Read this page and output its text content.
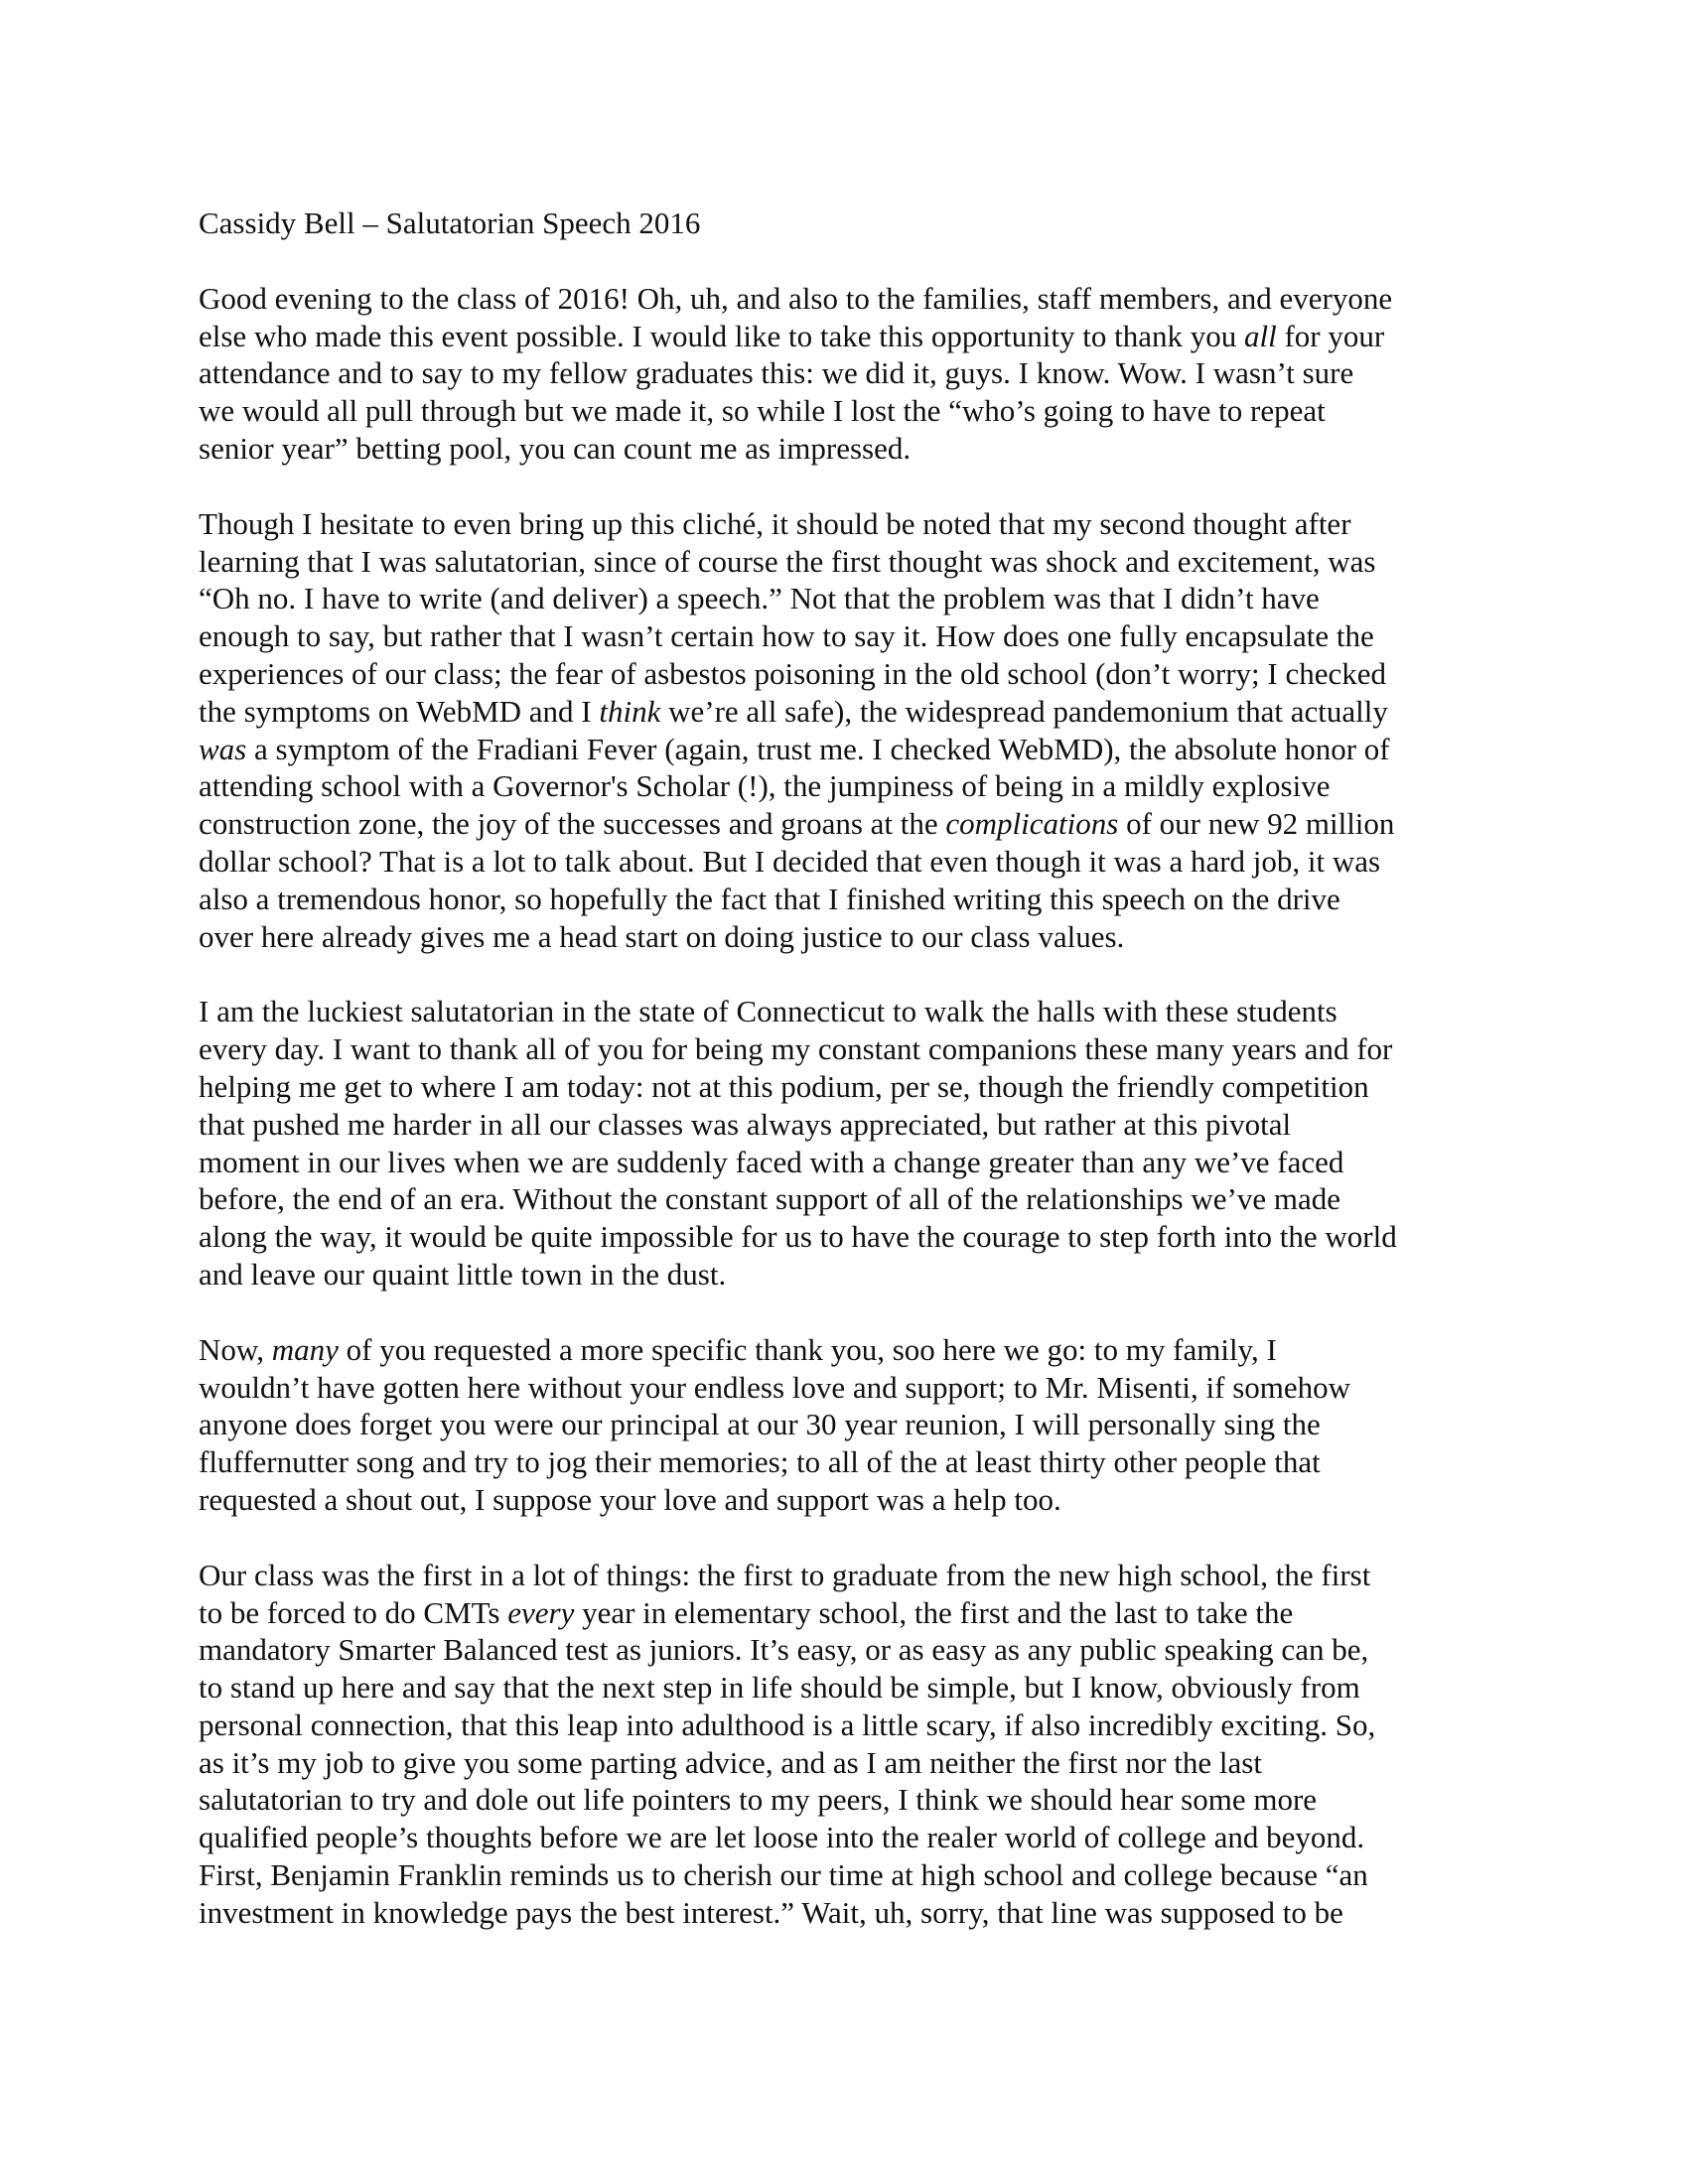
Cassidy Bell – Salutatorian Speech 2016
Good evening to the class of 2016! Oh, uh, and also to the families, staff members, and everyone
else who made this event possible. I would like to take this opportunity to thank you all for your
attendance and to say to my fellow graduates this: we did it, guys. I know. Wow. I wasn’t sure
we would all pull through but we made it, so while I lost the “who’s going to have to repeat
senior year” betting pool, you can count me as impressed.
Though I hesitate to even bring up this cliché, it should be noted that my second thought after
learning that I was salutatorian, since of course the first thought was shock and excitement, was
“Oh no. I have to write (and deliver) a speech.” Not that the problem was that I didn’t have
enough to say, but rather that I wasn’t certain how to say it. How does one fully encapsulate the
experiences of our class; the fear of asbestos poisoning in the old school (don’t worry; I checked
the symptoms on WebMD and I think we’re all safe), the widespread pandemonium that actually
was a symptom of the Fradiani Fever (again, trust me. I checked WebMD), the absolute honor of
attending school with a Governor's Scholar (!), the jumpiness of being in a mildly explosive
construction zone, the joy of the successes and groans at the complications of our new 92 million
dollar school? That is a lot to talk about. But I decided that even though it was a hard job, it was
also a tremendous honor, so hopefully the fact that I finished writing this speech on the drive
over here already gives me a head start on doing justice to our class values.
I am the luckiest salutatorian in the state of Connecticut to walk the halls with these students
every day. I want to thank all of you for being my constant companions these many years and for
helping me get to where I am today: not at this podium, per se, though the friendly competition
that pushed me harder in all our classes was always appreciated, but rather at this pivotal
moment in our lives when we are suddenly faced with a change greater than any we’ve faced
before, the end of an era. Without the constant support of all of the relationships we’ve made
along the way, it would be quite impossible for us to have the courage to step forth into the world
and leave our quaint little town in the dust.
Now, many of you requested a more specific thank you, soo here we go: to my family, I
wouldn’t have gotten here without your endless love and support; to Mr. Misenti, if somehow
anyone does forget you were our principal at our 30 year reunion, I will personally sing the
fluffernutter song and try to jog their memories; to all of the at least thirty other people that
requested a shout out, I suppose your love and support was a help too.
Our class was the first in a lot of things: the first to graduate from the new high school, the first
to be forced to do CMTs every year in elementary school, the first and the last to take the
mandatory Smarter Balanced test as juniors. It’s easy, or as easy as any public speaking can be,
to stand up here and say that the next step in life should be simple, but I know, obviously from
personal connection, that this leap into adulthood is a little scary, if also incredibly exciting. So,
as it’s my job to give you some parting advice, and as I am neither the first nor the last
salutatorian to try and dole out life pointers to my peers, I think we should hear some more
qualified people’s thoughts before we are let loose into the realer world of college and beyond.
First, Benjamin Franklin reminds us to cherish our time at high school and college because “an
investment in knowledge pays the best interest.” Wait, uh, sorry, that line was supposed to be
